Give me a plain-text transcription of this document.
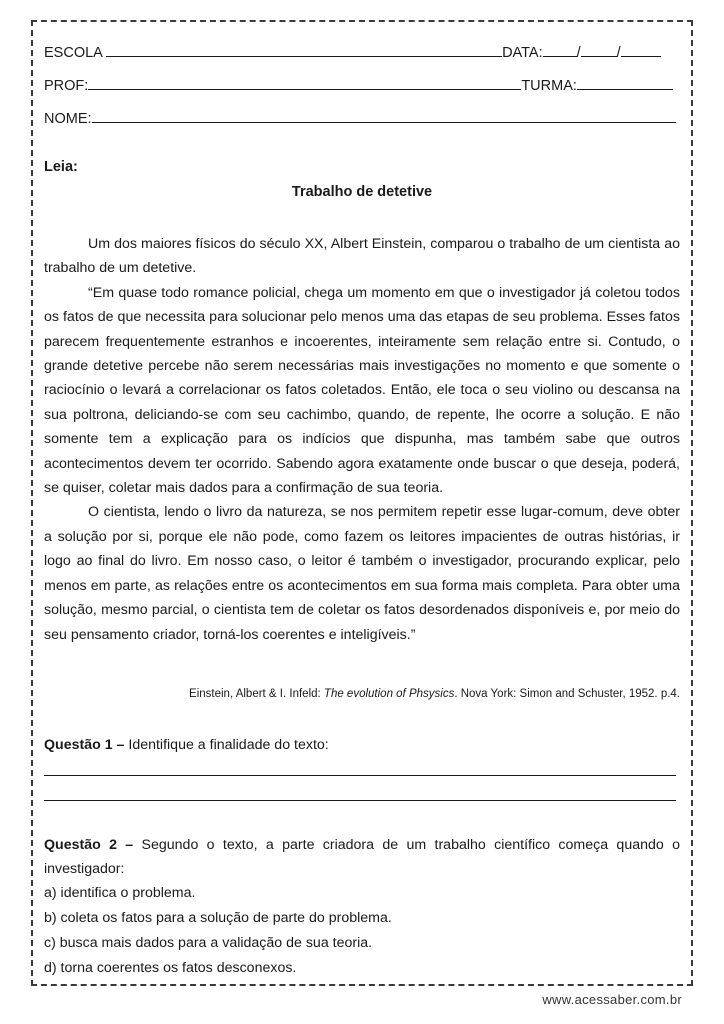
ESCOLA	DATA: / /
PROF:	TURMA:
NOME:
Leia:
Trabalho de detetive

Um dos maiores físicos do século XX, Albert Einstein, comparou o trabalho de um cientista ao trabalho de um detetive.

“Em quase todo romance policial, chega um momento em que o investigador já coletou todos os fatos de que necessita para solucionar pelo menos uma das etapas de seu problema. Esses fatos parecem frequentemente estranhos e incoerentes, inteiramente sem relação entre si. Contudo, o grande detetive percebe não serem necessárias mais investigações no momento e que somente o raciocínio o levará a correlacionar os fatos coletados. Então, ele toca o seu violino ou descansa na sua poltrona, deliciando-se com seu cachimbo, quando, de repente, lhe ocorre a solução. E não somente tem a explicação para os indícios que dispunha, mas também sabe que outros acontecimentos devem ter ocorrido. Sabendo agora exatamente onde buscar o que deseja, poderá, se quiser, coletar mais dados para a confirmação de sua teoria.

O cientista, lendo o livro da natureza, se nos permitem repetir esse lugar-comum, deve obter a solução por si, porque ele não pode, como fazem os leitores impacientes de outras histórias, ir logo ao final do livro. Em nosso caso, o leitor é também o investigador, procurando explicar, pelo menos em parte, as relações entre os acontecimentos em sua forma mais completa. Para obter uma solução, mesmo parcial, o cientista tem de coletar os fatos desordenados disponíveis e, por meio do seu pensamento criador, torná-los coerentes e inteligíveis.”

Einstein, Albert & I. Infeld: The evolution of Phsysics. Nova York: Simon and Schuster, 1952. p.4.
Questão 1 – Identifique a finalidade do texto:
Questão 2 – Segundo o texto, a parte criadora de um trabalho científico começa quando o investigador:
a) identifica o problema.
b) coleta os fatos para a solução de parte do problema.
c) busca mais dados para a validação de sua teoria.
d) torna coerentes os fatos desconexos.
www.acessaber.com.br
